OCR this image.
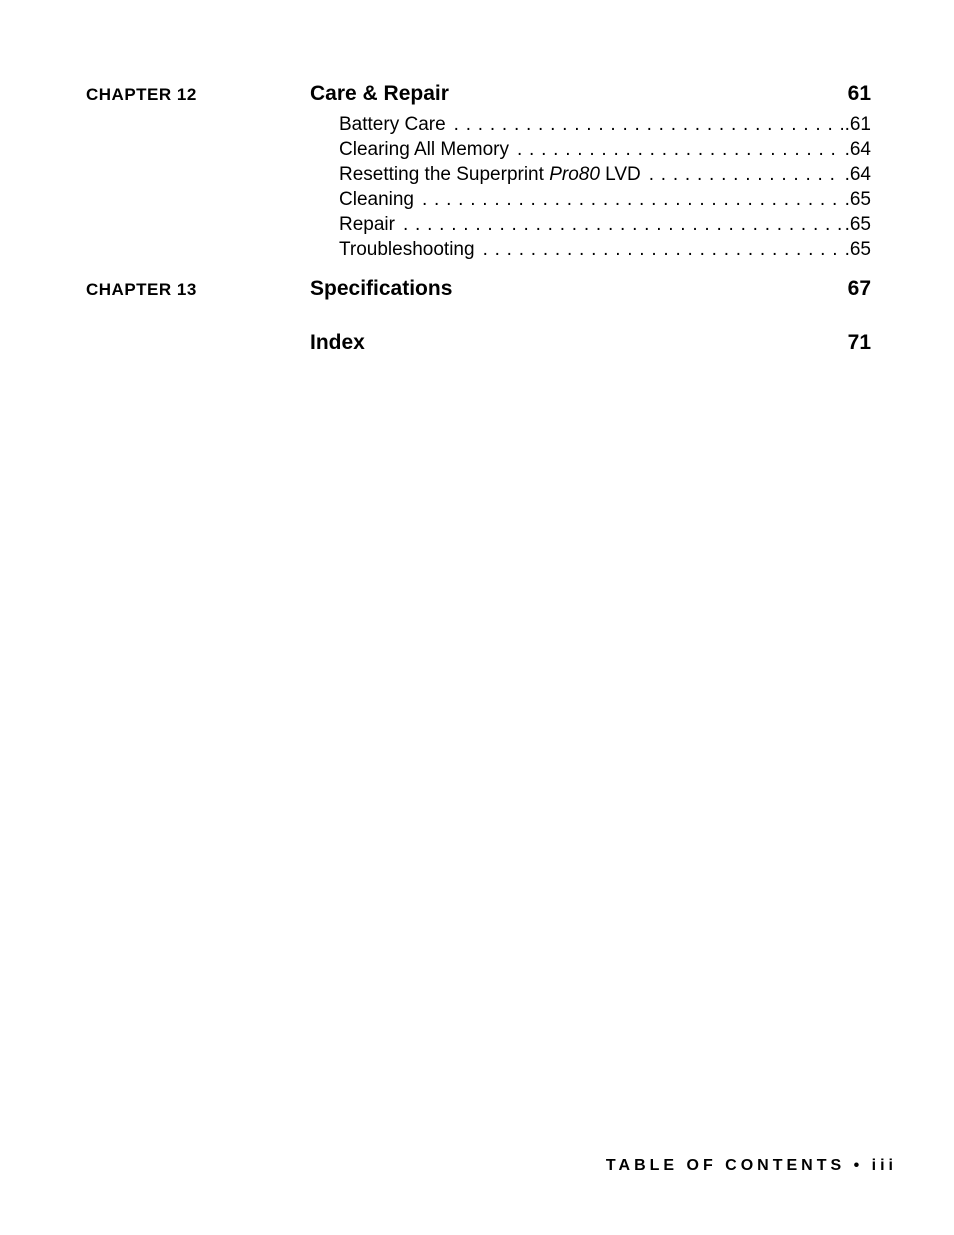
CHAPTER 12	Care & Repair	61
Battery Care . . .	.61
Clearing All Memory . . .	.64
Resetting the Superprint Pro80 LVD . . .	.64
Cleaning . . .	.65
Repair . . .	.65
Troubleshooting . . .	.65
CHAPTER 13	Specifications	67
Index	71
TABLE OF CONTENTS • iii
